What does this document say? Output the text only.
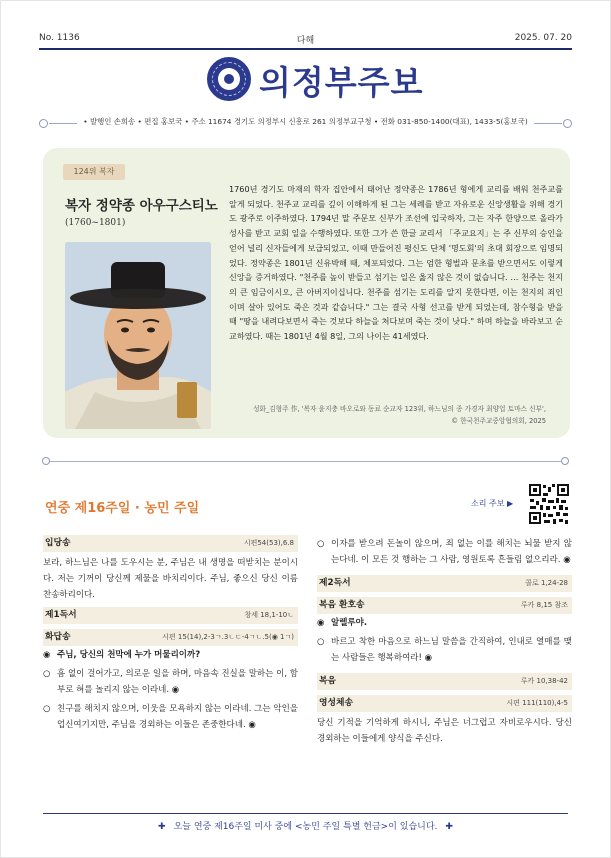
No. 1136	다해	2025. 07. 20
의정부주보
• 발행인 손희송 • 편집 홍보국 • 주소 11674 경기도 의정부시 신흥로 261 의정부교구청 • 전화 031-850-1400(대표), 1433-5(홍보국)
124위 복자
복자 정약종 아우구스티노
(1760~1801)
1760년 경기도 마재의 학자 집안에서 태어난 정약종은 1786년 형에게 교리를 배워 천주교를 알게 되었다. 천주교 교리를 깊이 이해하게 된 그는 세례를 받고 자유로운 신앙생활을 위해 경기도 광주로 이주하였다. 1794년 말 주문모 신부가 조선에 입국하자, 그는 자주 한양으로 올라가 성사를 받고 교회 일을 수행하였다. 또한 그가 쓴 한글 교리서 「주교요지」는 주 신부의 승인을 얻어 널리 신자들에게 보급되었고, 이때 만들어진 평신도 단체 '명도회'의 초대 회장으로 임명되었다. 정약종은 1801년 신유박해 때, 체포되었다. 그는 엄한 형벌과 문초를 받으면서도 이렇게 신앙을 증거하였다. "천주를 높이 받들고 섬기는 일은 옳지 않은 것이 없습니다. … 천주는 천지의 큰 임금이시오, 큰 아버지이십니다. 천주를 섬기는 도리를 알지 못한다면, 이는 천지의 죄인이며 살아 있어도 죽은 것과 같습니다." 그는 결국 사형 선고를 받게 되었는데, 참수형을 받을 때 "땅을 내려다보면서 죽는 것보다 하늘을 쳐다보며 죽는 것이 낫다." 하며 하늘을 바라보고 순교하였다. 때는 1801년 4월 8일, 그의 나이는 41세였다.
성화_김형주 作, '복자 윤지충 바오로와 동료 순교자 123위, 하느님의 종 가경자 최양업 토마스 신부',
© 한국천주교중앙협의회, 2025
연중 제16주일 · 농민 주일	소리 주보 ▶
입당송	시편54(53),6.8
보라, 하느님은 나를 도우시는 분, 주님은 내 생명을 떠받치는 분이시다. 저는 기꺼이 당신께 제물을 바치리이다. 주님, 좋으신 당신 이름 찬송하리이다.
제1독서	창세 18,1-10ㄴ
화답송	시편 15(14),2-3ㄱ.3ㄴㄷ-4ㄱㄴ.5(◉ 1ㄱ)
◉ 주님, 당신의 천막에 누가 머물리이까?
○ 흠 없이 걸어가고, 의로운 일을 하며, 마음속 진실을 말하는 이, 함부로 혀를 놀리지 않는 이라네. ◉
○ 친구를 해치지 않으며, 이웃을 모욕하지 않는 이라네. 그는 악인을 업신여기지만, 주님을 경외하는 이들은 존중한다네. ◉
○ 이자를 받으려 돈놀이 않으며, 죄 없는 이를 해치는 뇌물 받지 않는다네. 이 모든 것 행하는 그 사람, 영원토록 흔들림 없으리라. ◉
제2독서	콜로 1,24-28
복음 환호송	루카 8,15 참조
◉ 알렐루야.
○ 바르고 착한 마음으로 하느님 말씀을 간직하여, 인내로 열매를 맺는 사람들은 행복하여라! ◉
복음	루카 10,38-42
영성체송	시편 111(110),4-5
당신 기적을 기억하게 하시니, 주님은 너그럽고 자비로우시다. 당신 경외하는 이들에게 양식을 주신다.
✚ 오늘 연중 제16주일 미사 중에 <농민 주일 특별 헌금>이 있습니다. ✚
